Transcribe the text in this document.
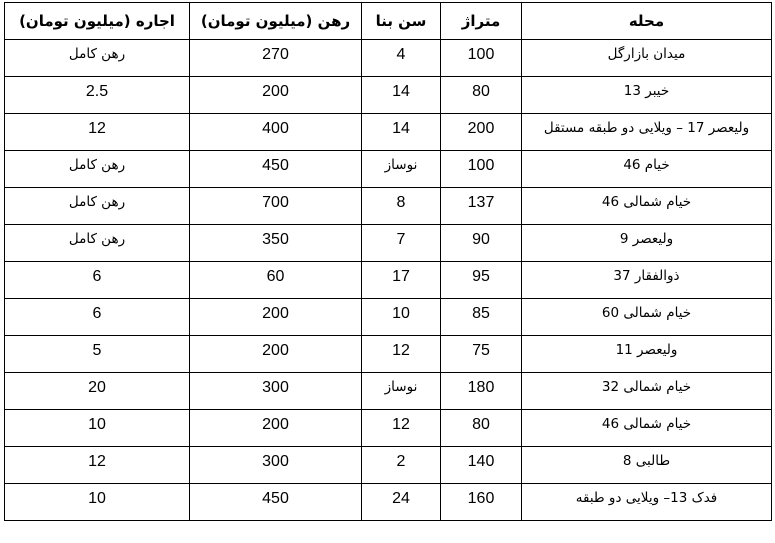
محله	متراژ	سن بنا	رهن (میلیون تومان)	اجاره (میلیون تومان)
میدان بازارگل	100	4	270	رهن کامل
خیبر 13	80	14	200	2.5
ولیعصر 17 – ویلایی دو طبقه مستقل	200	14	400	12
خیام 46	100	نوساز	450	رهن کامل
خیام شمالی 46	137	8	700	رهن کامل
ولیعصر 9	90	7	350	رهن کامل
ذوالفقار 37	95	17	60	6
خیام شمالی 60	85	10	200	6
ولیعصر 11	75	12	200	5
خیام شمالی 32	180	نوساز	300	20
خیام شمالی 46	80	12	200	10
طالبی 8	140	2	300	12
فدک 13– ویلایی دو طبقه	160	24	450	10
